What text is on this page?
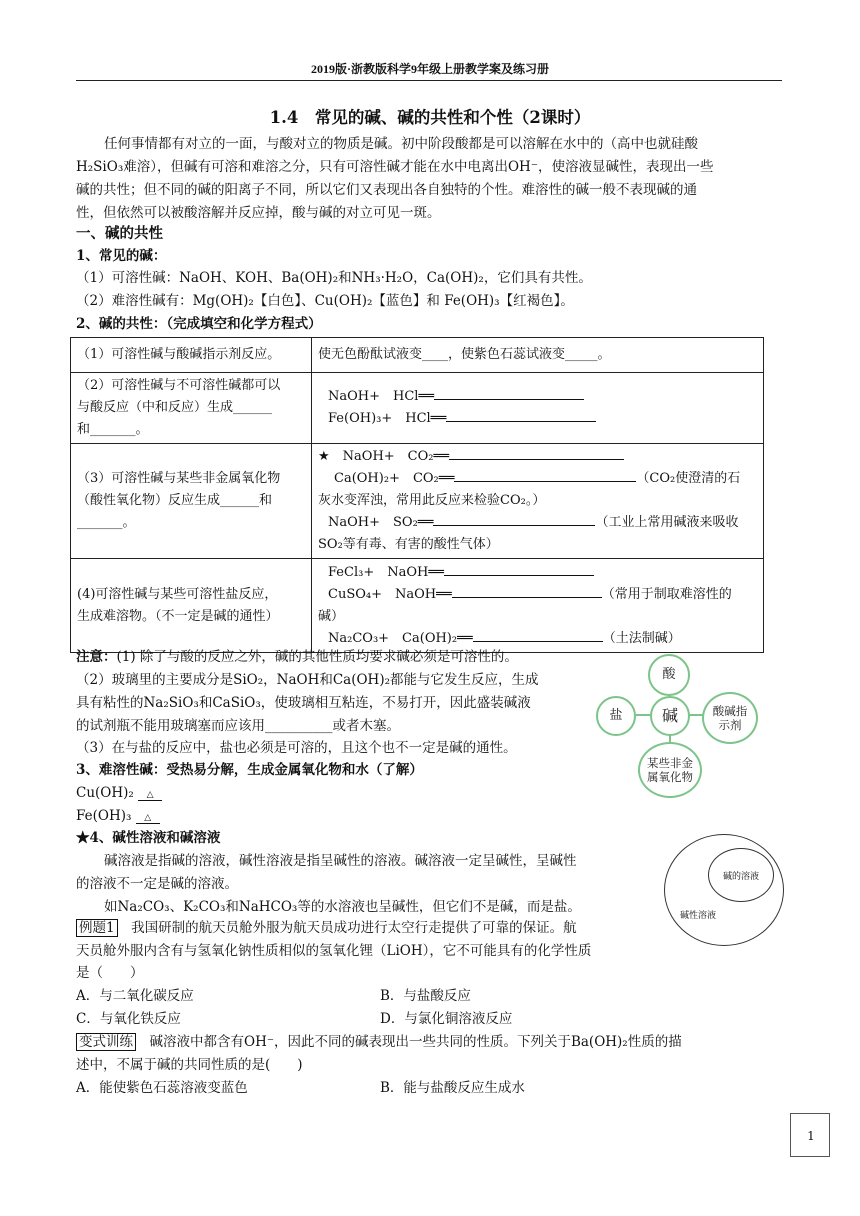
2019版·浙教版科学9年级上册教学案及练习册
1.4　常见的碱、碱的共性和个性（2课时）
任何事情都有对立的一面，与酸对立的物质是碱。初中阶段酸都是可以溶解在水中的（高中也就硅酸
H₂SiO₃难溶），但碱有可溶和难溶之分，只有可溶性碱才能在水中电离出OH⁻，使溶液显碱性，表现出一些
碱的共性；但不同的碱的阳离子不同，所以它们又表现出各自独特的个性。难溶性的碱一般不表现碱的通
性，但依然可以被酸溶解并反应掉，酸与碱的对立可见一斑。
一、碱的共性
1、常见的碱：
（1）可溶性碱：NaOH、KOH、Ba(OH)₂和NH₃·H₂O，Ca(OH)₂，它们具有共性。
（2）难溶性碱有：Mg(OH)₂【白色】、Cu(OH)₂【蓝色】和 Fe(OH)₃【红褐色】。
2、碱的共性：（完成填空和化学方程式）
（1）可溶性碱与酸碱指示剂反应。	使无色酚酞试液变____，使紫色石蕊试液变_____。

（2）可溶性碱与不可溶性碱都可以
与酸反应（中和反应）生成______
和_______。	NaOH+　HCl══
Fe(OH)₃+　HCl══

（3）可溶性碱与某些非金属氧化物
（酸性氧化物）反应生成______和
_______。	★　NaOH+　CO₂══
Ca(OH)₂+　CO₂══ （CO₂使澄清的石
灰水变浑浊，常用此反应来检验CO₂。）
NaOH+　SO₂══ （工业上常用碱液来吸收
SO₂等有毒、有害的酸性气体）

(4)可溶性碱与某些可溶性盐反应，
生成难溶物。（不一定是碱的通性）	FeCl₃+　NaOH══
CuSO₄+　NaOH══ （常用于制取难溶性的
碱）
Na₂CO₃+　Ca(OH)₂══ （土法制碱）
注意：(1) 除了与酸的反应之外，碱的其他性质均要求碱必须是可溶性的。
（2）玻璃里的主要成分是SiO₂，NaOH和Ca(OH)₂都能与它发生反应，生成
具有粘性的Na₂SiO₃和CaSiO₃，使玻璃相互粘连，不易打开，因此盛装碱液
的试剂瓶不能用玻璃塞而应该用__________或者木塞。
（3）在与盐的反应中，盐也必须是可溶的，且这个也不一定是碱的通性。
酸
盐	碱	酸碱指示剂
某些非金属氧化物
3、难溶性碱：受热易分解，生成金属氧化物和水（了解）
Cu(OH)₂ △
Fe(OH)₃ △
★4、碱性溶液和碱溶液
碱溶液是指碱的溶液，碱性溶液是指呈碱性的溶液。碱溶液一定呈碱性，呈碱性
的溶液不一定是碱的溶液。
如Na₂CO₃、K₂CO₃和NaHCO₃等的水溶液也呈碱性，但它们不是碱，而是盐。
碱的溶液
碱性溶液
例题1　 我国研制的航天员舱外服为航天员成功进行太空行走提供了可靠的保证。航
天员舱外服内含有与氢氧化钠性质相似的氢氧化锂（LiOH），它不可能具有的化学性质
是（　　）
A．与二氧化碳反应	B．与盐酸反应
C．与氧化铁反应	D．与氯化铜溶液反应
变式训练　 碱溶液中都含有OH⁻，因此不同的碱表现出一些共同的性质。下列关于Ba(OH)₂性质的描
述中，不属于碱的共同性质的是(　　)
A．能使紫色石蕊溶液变蓝色	B．能与盐酸反应生成水
1
